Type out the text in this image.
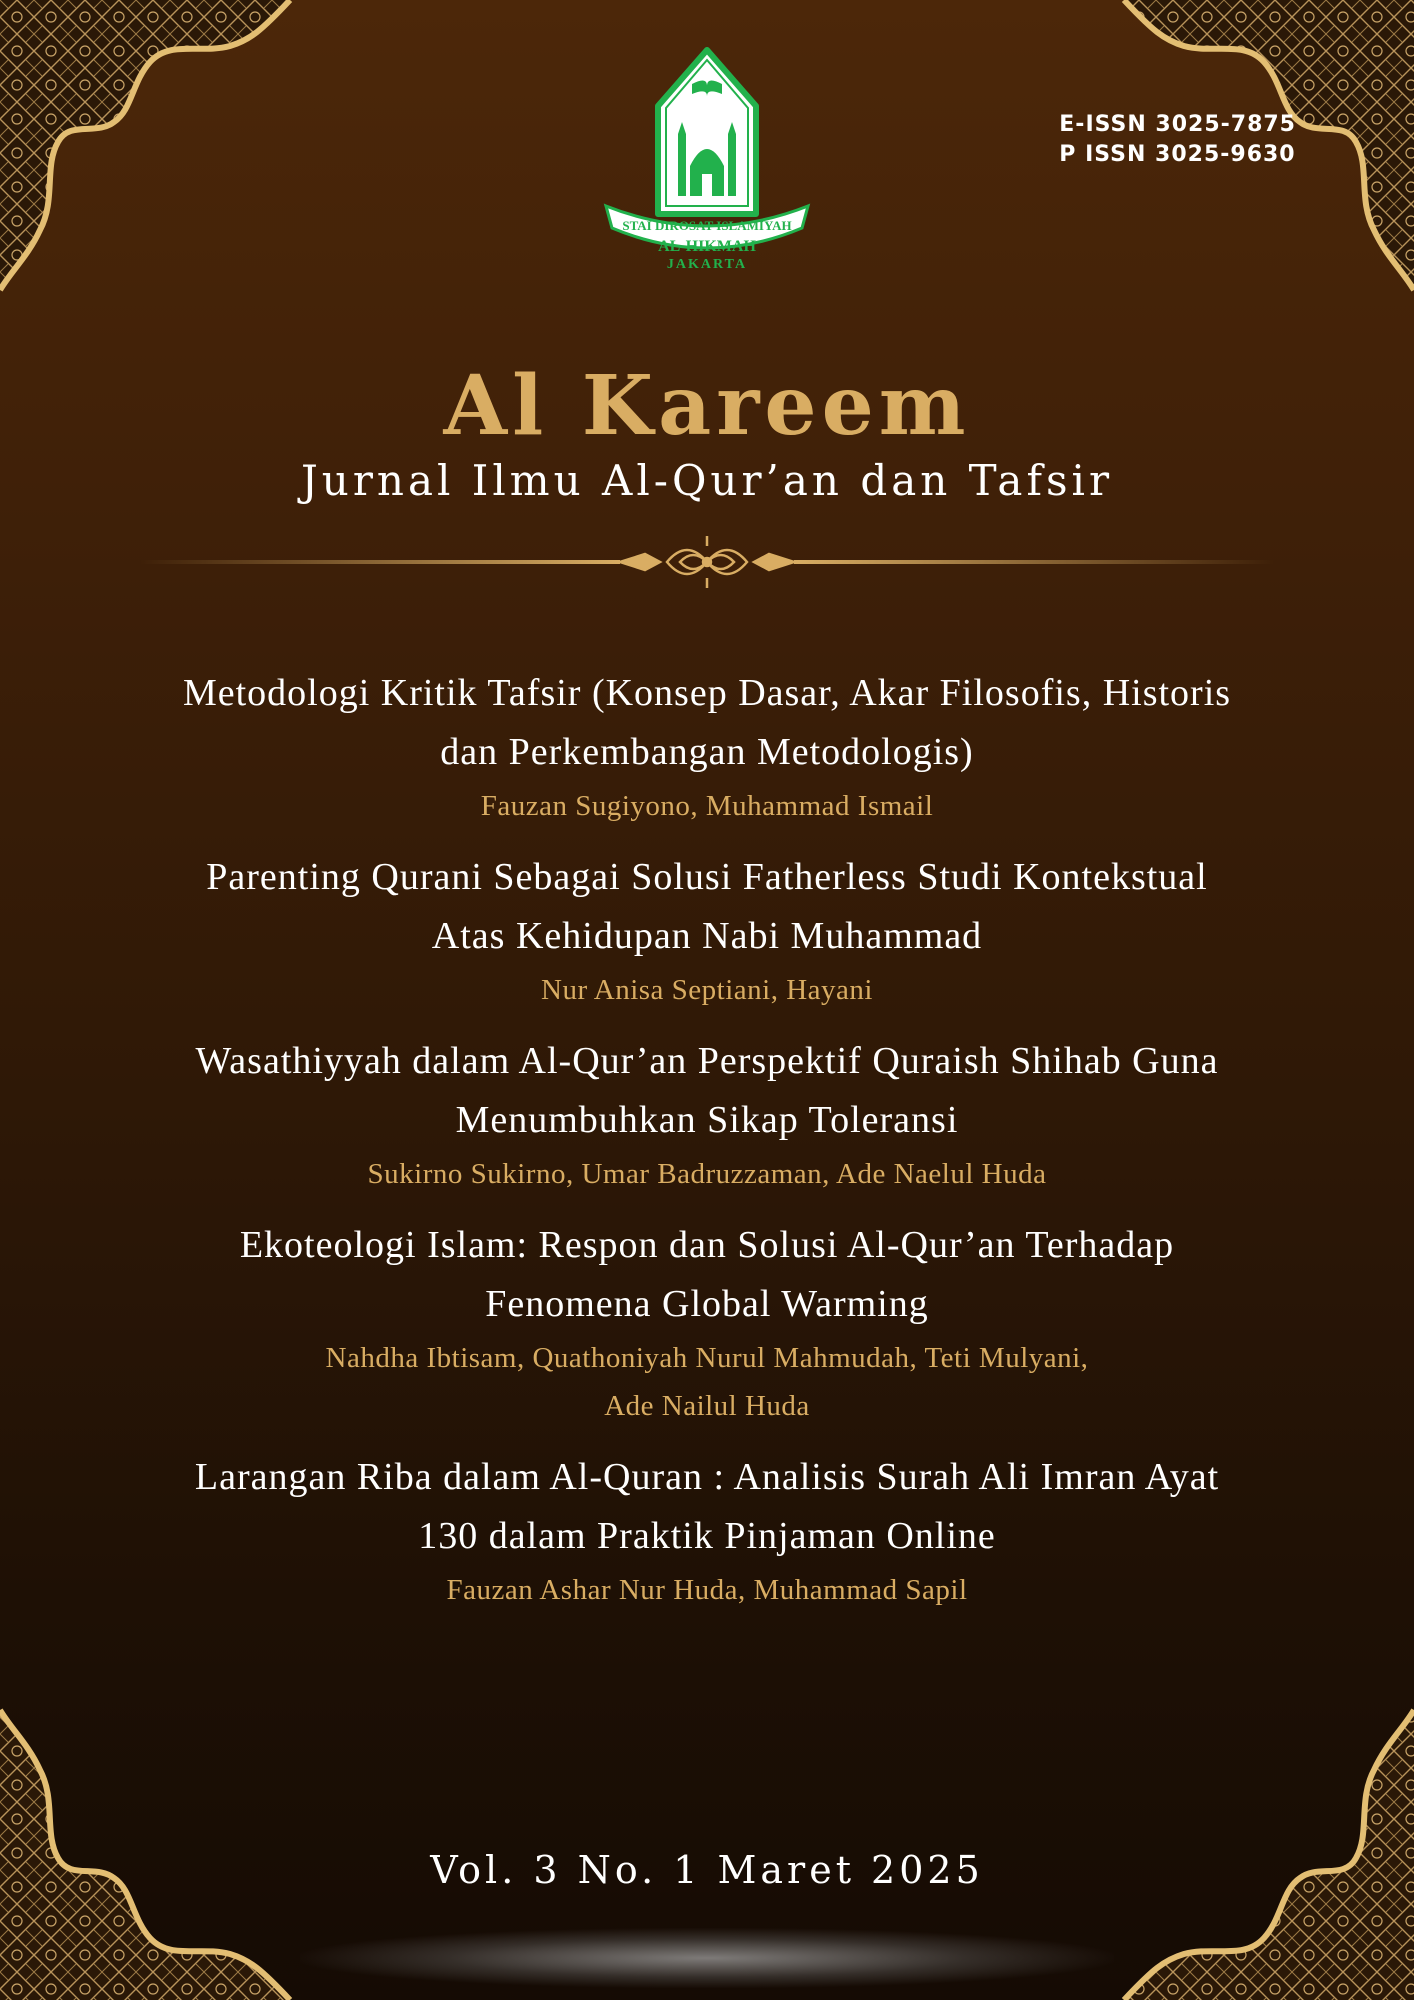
STAI DIROSAT ISLAMIYAH
AL-HIKMAH
JAKARTA
E-ISSN 3025-7875
P ISSN 3025-9630
Al Kareem
Jurnal Ilmu Al-Qur’an dan Tafsir
Metodologi Kritik Tafsir (Konsep Dasar, Akar Filosofis, Historis
dan Perkembangan Metodologis)
Fauzan Sugiyono, Muhammad Ismail
Parenting Qurani Sebagai Solusi Fatherless Studi Kontekstual
Atas Kehidupan Nabi Muhammad
Nur Anisa Septiani, Hayani
Wasathiyyah dalam Al-Qur’an Perspektif Quraish Shihab Guna
Menumbuhkan Sikap Toleransi
Sukirno Sukirno, Umar Badruzzaman, Ade Naelul Huda
Ekoteologi Islam: Respon dan Solusi Al-Qur’an Terhadap
Fenomena Global Warming
Nahdha Ibtisam, Quathoniyah Nurul Mahmudah, Teti Mulyani,
Ade Nailul Huda
Larangan Riba dalam Al-Quran : Analisis Surah Ali Imran Ayat
130 dalam Praktik Pinjaman Online
Fauzan Ashar Nur Huda, Muhammad Sapil
Vol. 3 No. 1 Maret 2025
